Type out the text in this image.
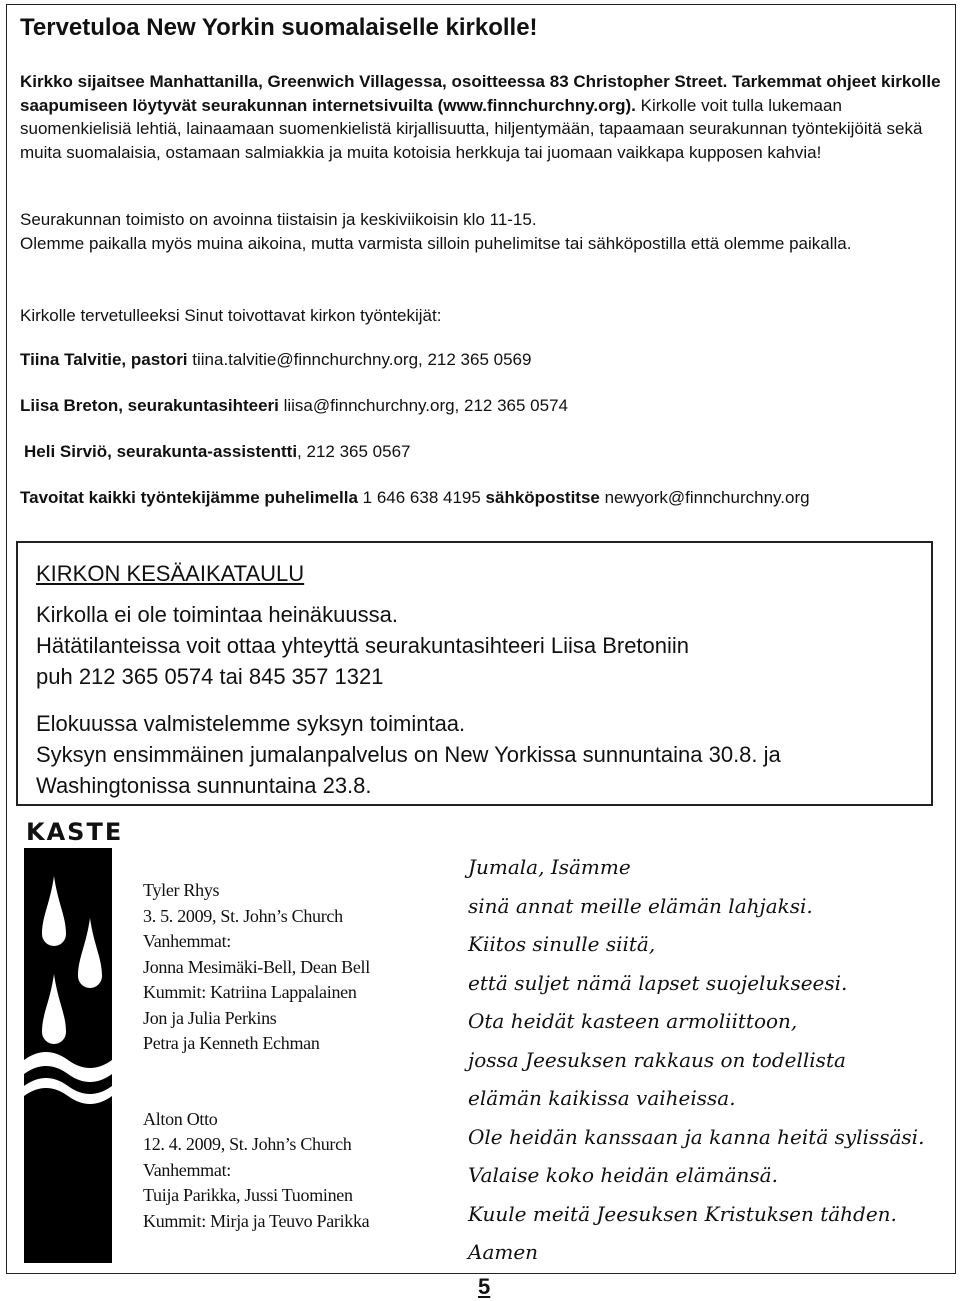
Tervetuloa New Yorkin suomalaiselle kirkolle!
Kirkko sijaitsee Manhattanilla, Greenwich Villagessa, osoitteessa 83 Christopher Street. Tarkemmat ohjeet kirkolle saapumiseen löytyvät seurakunnan internetsivuilta (www.finnchurchny.org). Kirkolle voit tulla lukemaan suomenkielisiä lehtiä, lainaamaan suomenkielistä kirjallisuutta, hiljentymään, tapaamaan seurakunnan työntekijöitä sekä muita suomalaisia, ostamaan salmiakkia ja muita kotoisia herkkuja tai juomaan vaikkapa kupposen kahvia!
Seurakunnan toimisto on avoinna tiistaisin ja keskiviikoisin klo 11-15.
Olemme paikalla myös muina aikoina, mutta varmista silloin puhelimitse tai sähköpostilla että olemme paikalla.
Kirkolle tervetulleeksi Sinut toivottavat kirkon työntekijät:
Tiina Talvitie, pastori tiina.talvitie@finnchurchny.org, 212 365 0569
Liisa Breton, seurakuntasihteeri liisa@finnchurchny.org, 212 365 0574
Heli Sirviö, seurakunta-assistentti, 212 365 0567
Tavoitat kaikki työntekijämme puhelimella 1 646 638 4195 sähköpostitse newyork@finnchurchny.org
KIRKON KESÄAIKATAULU
Kirkolla ei ole toimintaa heinäkuussa.
Hätätilanteissa voit ottaa yhteyttä seurakuntasihteeri Liisa Bretoniin
puh 212 365 0574 tai 845 357 1321
Elokuussa valmistelemme syksyn toimintaa.
Syksyn ensimmäinen jumalanpalvelus on New Yorkissa sunnuntaina 30.8. ja
Washingtonissa sunnuntaina 23.8.
KASTE
Tyler Rhys
3. 5. 2009, St. John’s Church
Vanhemmat:
Jonna Mesimäki-Bell, Dean Bell
Kummit: Katriina Lappalainen
Jon ja Julia Perkins
Petra ja Kenneth Echman
Alton Otto
12. 4. 2009, St. John’s Church
Vanhemmat:
Tuija Parikka, Jussi Tuominen
Kummit: Mirja ja Teuvo Parikka
Jumala, Isämme
sinä annat meille elämän lahjaksi.
Kiitos sinulle siitä,
että suljet nämä lapset suojelukseesi.
Ota heidät kasteen armoliittoon,
jossa Jeesuksen rakkaus on todellista
elämän kaikissa vaiheissa.
Ole heidän kanssaan ja kanna heitä sylissäsi.
Valaise koko heidän elämänsä.
Kuule meitä Jeesuksen Kristuksen tähden.
Aamen
5
